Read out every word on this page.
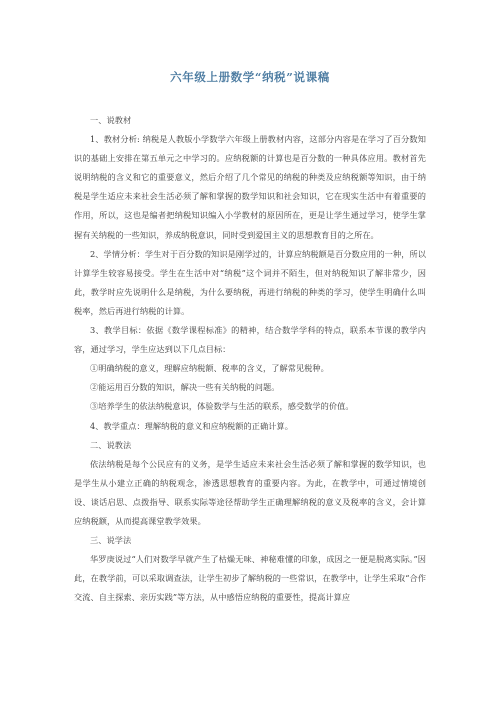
六年级上册数学“纳税”说课稿

一、说教材

1、教材分析: 纳税是人教版小学数学六年级上册教材内容，这部分内容是在学习了百分数知识的基础上安排在第五单元之中学习的。应纳税额的计算也是百分数的一种具体应用。教材首先说明纳税的含义和它的重要意义，然后介绍了几个常见的纳税的种类及应纳税额等知识，由于纳税是学生适应未来社会生活必须了解和掌握的数学知识和社会知识，它在现实生活中有着重要的作用，所以，这也是编者把纳税知识编入小学教材的原因所在，更是让学生通过学习，使学生掌握有关纳税的一些知识，养成纳税意识，同时受到爱国主义的思想教育目的之所在。

2、学情分析：学生对于百分数的知识是刚学过的，计算应纳税额是百分数应用的一种，所以计算学生较容易接受。学生在生活中对“纳税”这个词并不陌生，但对纳税知识了解非常少，因此，教学时应先说明什么是纳税，为什么要纳税，再进行纳税的种类的学习，使学生明确什么叫税率，然后再进行纳税的计算。

3、教学目标：依据《数学课程标准》的精神，结合数学学科的特点，联系本节课的教学内容，通过学习，学生应达到以下几点目标：

①明确纳税的意义，理解应纳税额、税率的含义，了解常见税种。

②能运用百分数的知识，解决一些有关纳税的问题。

③培养学生的依法纳税意识，体验数学与生活的联系，感受数学的价值。

4、教学重点：理解纳税的意义和应纳税额的正确计算。

二、说教法

依法纳税是每个公民应有的义务，是学生适应未来社会生活必须了解和掌握的数学知识，也是学生从小建立正确的纳税观念，渗透思想教育的重要内容。为此，在教学中，可通过情境创设、谈话启思、点拨指导、联系实际等途径帮助学生正确理解纳税的意义及税率的含义，会计算应纳税额，从而提高课堂教学效果。

三、说学法

华罗庚说过“人们对数学早就产生了枯燥无味、神秘难懂的印象，成因之一便是脱离实际。”因此，在教学前，可以采取调查法，让学生初步了解纳税的一些常识，在教学中，让学生采取“合作交流、自主探索、亲历实践”等方法，从中感悟应纳税的重要性，提高计算应
